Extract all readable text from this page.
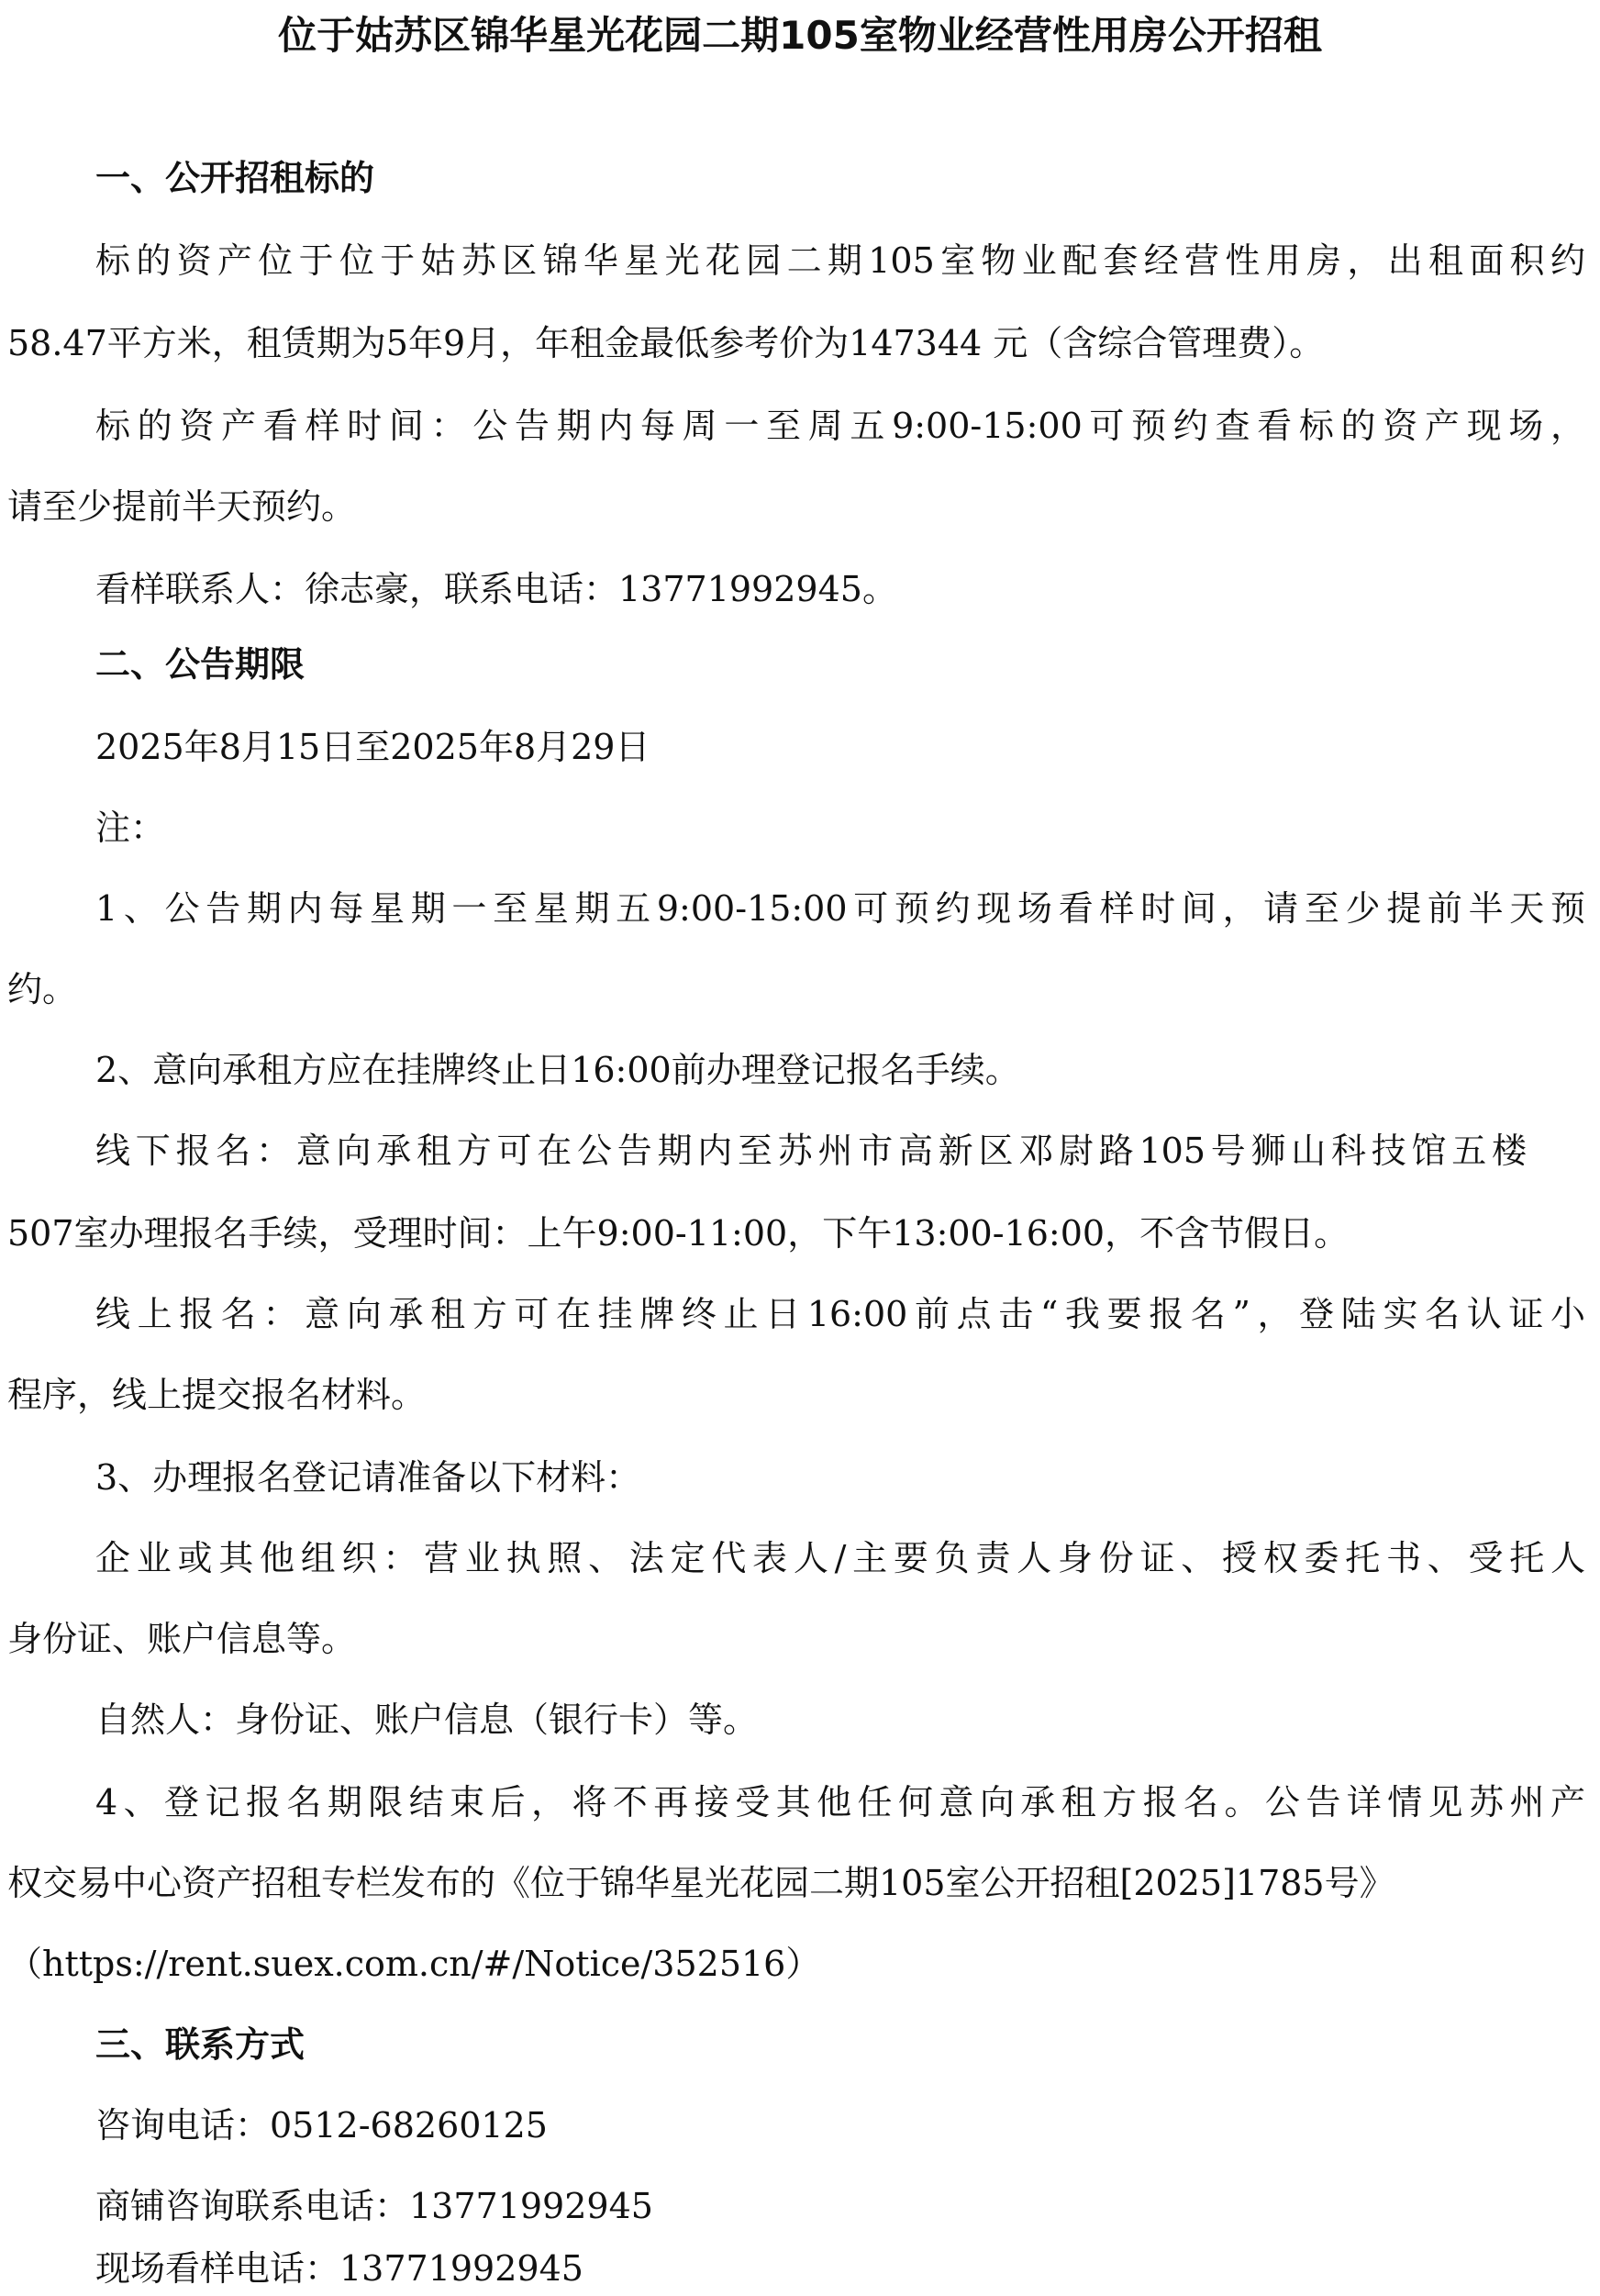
位于姑苏区锦华星光花园二期105室物业经营性用房公开招租
一、公开招租标的
标的资产位于位于姑苏区锦华星光花园二期105室物业配套经营性用房，出租面积约
58.47平方米，租赁期为5年9月，年租金最低参考价为147344 元（含综合管理费）。
标的资产看样时间：公告期内每周一至周五9:00-15:00可预约查看标的资产现场，
请至少提前半天预约。
看样联系人：徐志豪，联系电话：13771992945。
二、公告期限
2025年8月15日至2025年8月29日
注：
1、公告期内每星期一至星期五9:00-15:00可预约现场看样时间，请至少提前半天预
约。
2、意向承租方应在挂牌终止日16:00前办理登记报名手续。
线下报名：意向承租方可在公告期内至苏州市高新区邓尉路105号狮山科技馆五楼
507室办理报名手续，受理时间：上午9:00-11:00，下午13:00-16:00，不含节假日。
线上报名：意向承租方可在挂牌终止日16:00前点击“我要报名”，登陆实名认证小
程序，线上提交报名材料。
3、办理报名登记请准备以下材料：
企业或其他组织：营业执照、法定代表人/主要负责人身份证、授权委托书、受托人
身份证、账户信息等。
自然人：身份证、账户信息（银行卡）等。
4、登记报名期限结束后，将不再接受其他任何意向承租方报名。公告详情见苏州产
权交易中心资产招租专栏发布的《位于锦华星光花园二期105室公开招租[2025]1785号》
（https://rent.suex.com.cn/#/Notice/352516）
三、联系方式
咨询电话：0512-68260125
商铺咨询联系电话：13771992945
现场看样电话：13771992945
